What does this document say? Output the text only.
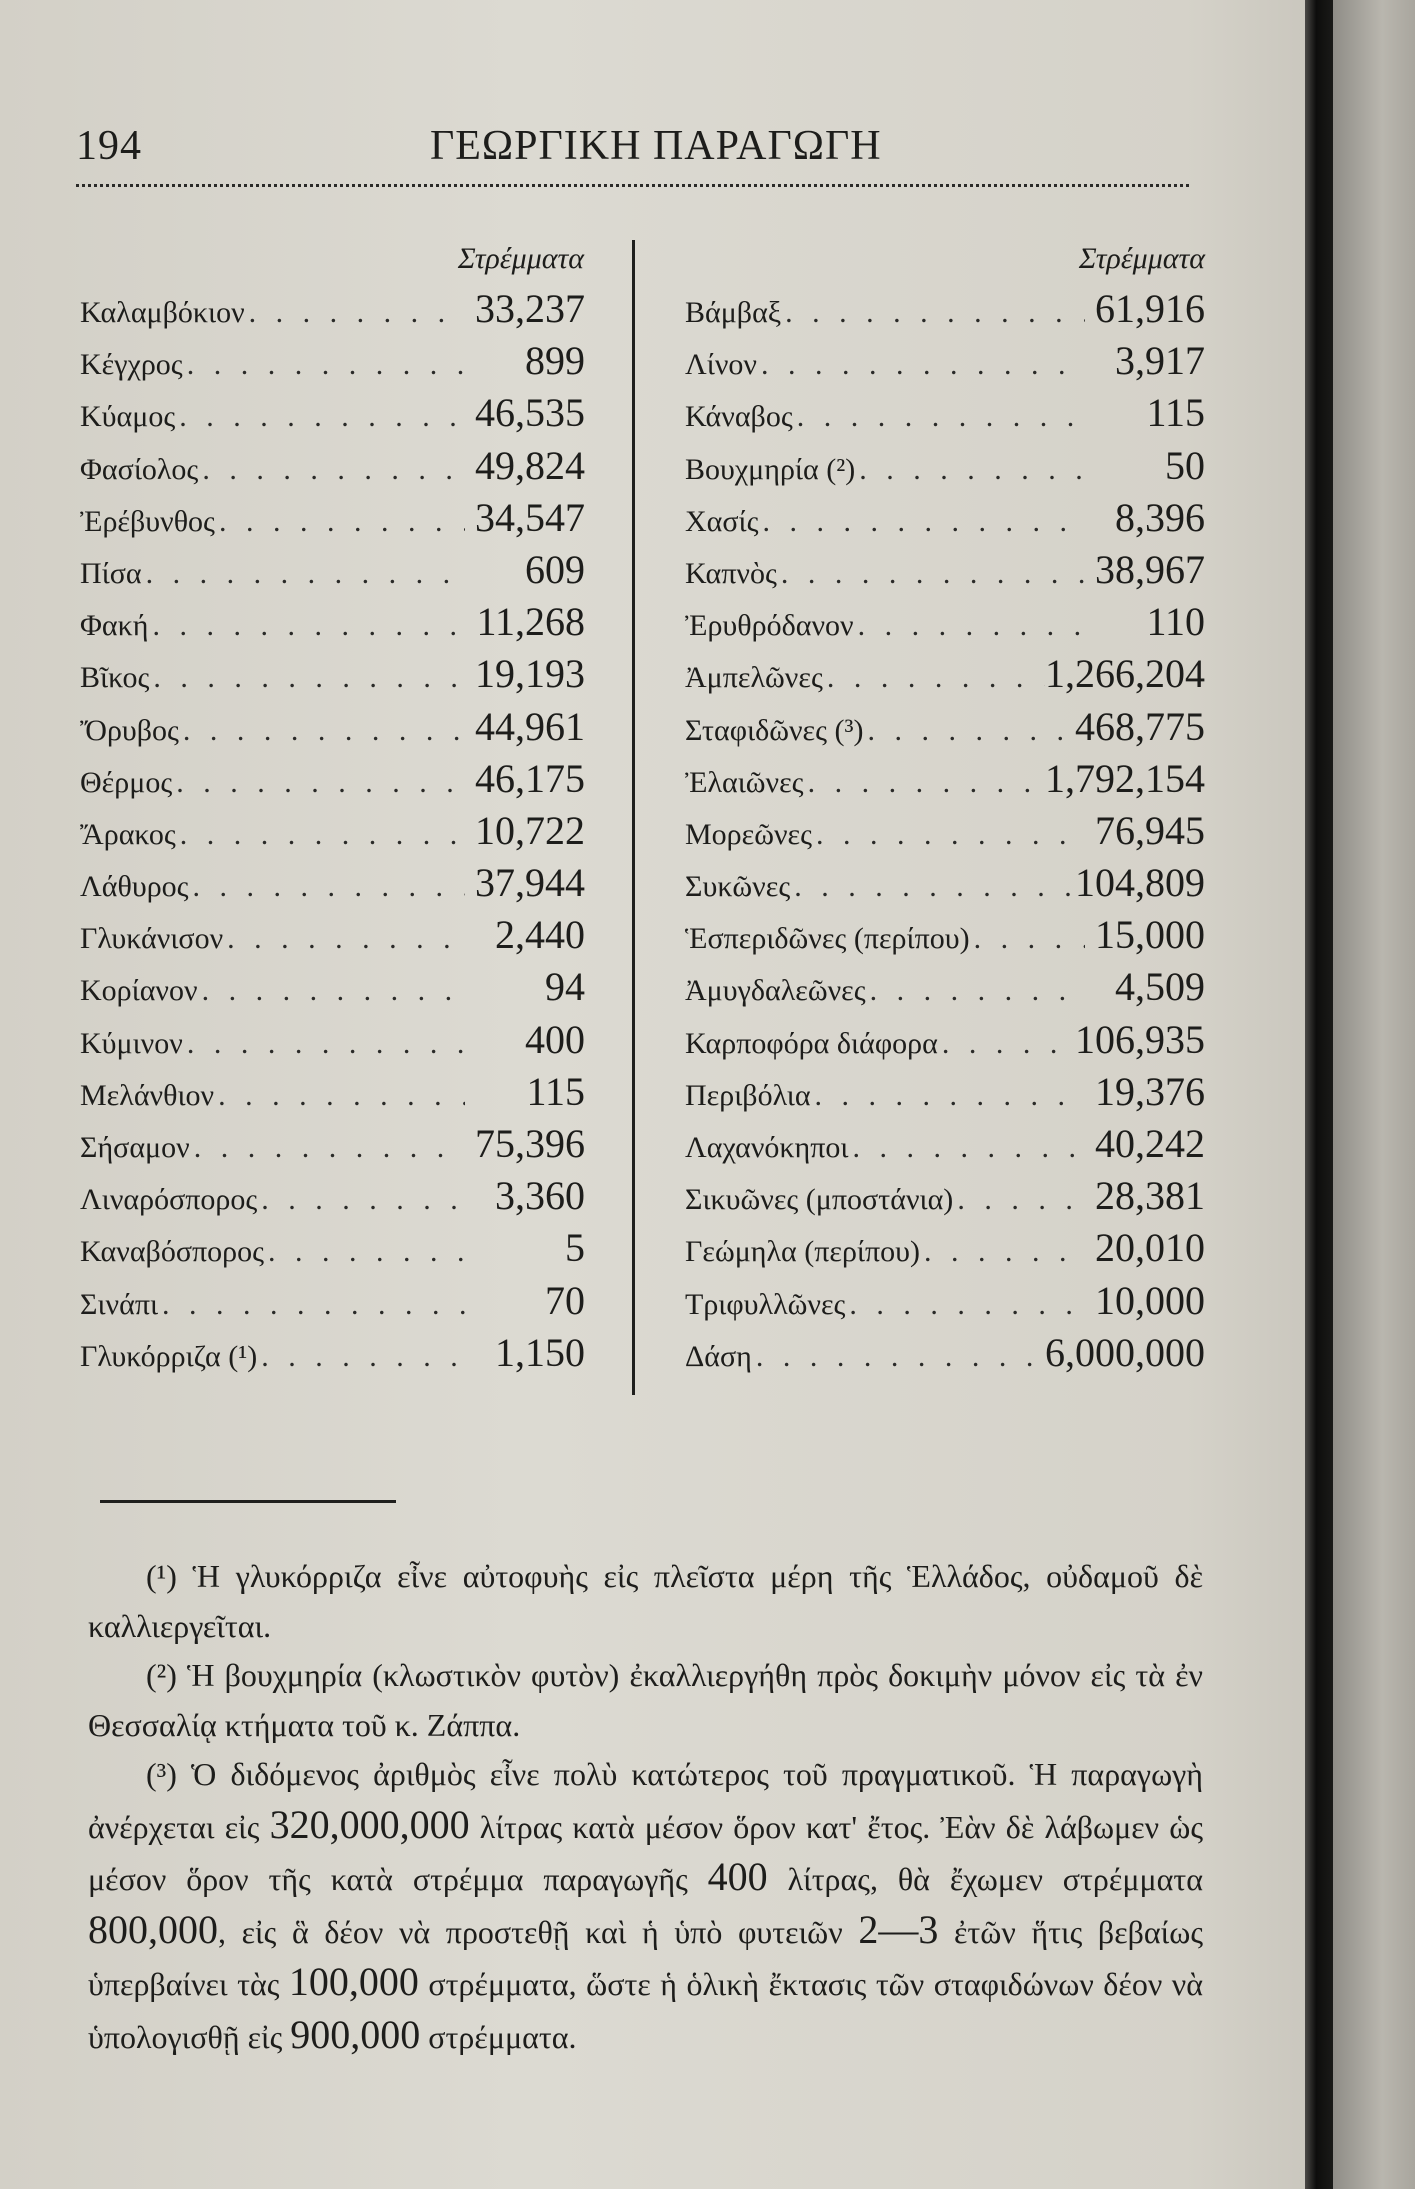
194	ΓΕΩΡΓΙΚΗ ΠΑΡΑΓΩΓΗ
Στρέμματα
Καλαμβόκιον . . .	33,237
Κέγχρος . . .	899
Κύαμος . . .	46,535
Φασίολος . . .	49,824
Ἐρέβυνθος . . .	34,547
Πίσα . . .	609
Φακή . . .	11,268
Βῖκος . . .	19,193
Ὄρυβος . . .	44,961
Θέρμος . . .	46,175
Ἄρακος . . .	10,722
Λάθυρος . . .	37,944
Γλυκάνισον . . .	2,440
Κορίανον . . .	94
Κύμινον . . .	400
Μελάνθιον . . .	115
Σήσαμον . . .	75,396
Λιναρόσπορος . . .	3,360
Καναβόσπορος . . .	5
Σινάπι . . .	70
Γλυκόρριζα (¹) . . .	1,150
Στρέμματα
Βάμβαξ . . .	61,916
Λίνον . . .	3,917
Κάναβος . . .	115
Βουχμηρία (²) . . .	50
Χασίς . . .	8,396
Καπνὸς . . .	38,967
Ἐρυθρόδανον . . .	110
Ἀμπελῶνες . . .	1,266,204
Σταφιδῶνες (³) . . .	468,775
Ἐλαιῶνες . . .	1,792,154
Μορεῶνες . . .	76,945
Συκῶνες . . .	104,809
Ἑσπεριδῶνες (περίπου) . . .	15,000
Ἀμυγδαλεῶνες . . .	4,509
Καρποφόρα διάφορα . . .	106,935
Περιβόλια . . .	19,376
Λαχανόκηποι . . .	40,242
Σικυῶνες (μποστάνια) . . .	28,381
Γεώμηλα (περίπου) . . .	20,010
Τριφυλλῶνες . . .	10,000
Δάση . . .	6,000,000

(¹) Ἡ γλυκόρριζα εἶνε αὐτοφυὴς εἰς πλεῖστα μέρη τῆς Ἑλλάδος, οὐδαμοῦ δὲ καλλιεργεῖται.

(²) Ἡ βουχμηρία (κλωστικὸν φυτὸν) ἐκαλλιεργήθη πρὸς δοκιμὴν μόνον εἰς τὰ ἐν Θεσσαλίᾳ κτήματα τοῦ κ. Ζάππα.

(³) Ὁ διδόμενος ἀριθμὸς εἶνε πολὺ κατώτερος τοῦ πραγματικοῦ. Ἡ παραγωγὴ ἀνέρχεται εἰς 320,000,000 λίτρας κατὰ μέσον ὅρον κατ' ἔτος. Ἐὰν δὲ λάβωμεν ὡς μέσον ὅρον τῆς κατὰ στρέμμα παραγωγῆς 400 λίτρας, θὰ ἔχωμεν στρέμματα 800,000, εἰς ἃ δέον νὰ προστεθῇ καὶ ἡ ὑπὸ φυτειῶν 2—3 ἐτῶν ἥτις βεβαίως ὑπερβαίνει τὰς 100,000 στρέμματα, ὥστε ἡ ὁλικὴ ἔκτασις τῶν σταφιδώνων δέον νὰ ὑπολογισθῇ εἰς 900,000 στρέμματα.
